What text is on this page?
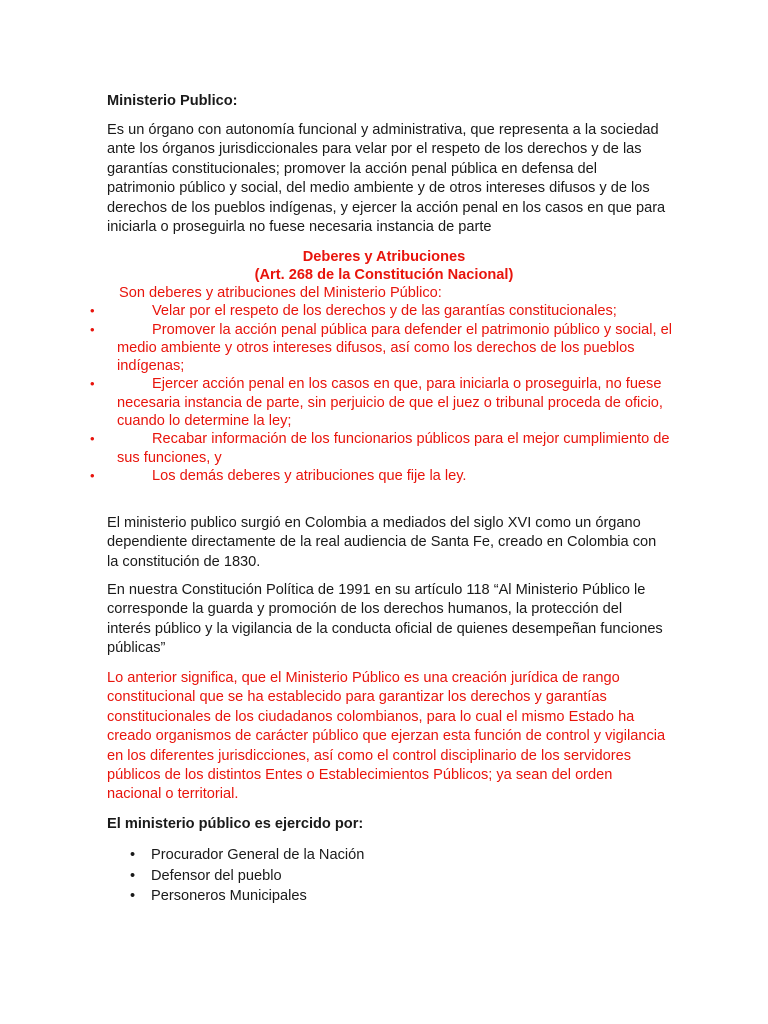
Ministerio Publico:
Es un órgano con autonomía funcional y administrativa, que representa a la sociedad ante los órganos jurisdiccionales para velar por el respeto de los derechos y de las garantías constitucionales; promover la acción penal pública en defensa del patrimonio público y social, del medio ambiente y de otros intereses difusos y de los derechos de los pueblos indígenas, y ejercer la acción penal en los casos en que para iniciarla o proseguirla no fuese necesaria instancia de parte
Deberes y Atribuciones
(Art. 268 de la Constitución Nacional)
Son deberes y atribuciones del Ministerio Público:
•	Velar por el respeto de los derechos y de las garantías constitucionales;
•	Promover la acción penal pública para defender el patrimonio público y social, el medio ambiente y otros intereses difusos, así como los derechos de los pueblos indígenas;
•	Ejercer acción penal en los casos en que, para iniciarla o proseguirla, no fuese necesaria instancia de parte, sin perjuicio de que el juez o tribunal proceda de oficio, cuando lo determine la ley;
•	Recabar información de los funcionarios públicos para el mejor cumplimiento de sus funciones, y
•	Los demás deberes y atribuciones que fije la ley.
El ministerio publico surgió en Colombia a mediados del siglo XVI como un órgano dependiente directamente de la real audiencia de Santa Fe, creado en Colombia con la constitución de 1830.
En nuestra Constitución Política de 1991 en su artículo 118 “Al Ministerio Público le corresponde la guarda y promoción de los derechos humanos, la protección del interés público y la vigilancia de la conducta oficial de quienes desempeñan funciones públicas”
Lo anterior significa, que el Ministerio Público es una creación jurídica de rango constitucional que se ha establecido para garantizar los derechos y garantías constitucionales de los ciudadanos colombianos, para lo cual el mismo Estado ha creado organismos de carácter público que ejerzan esta función de control y vigilancia en los diferentes jurisdicciones, así como el control disciplinario de los servidores públicos de los distintos Entes o Establecimientos Públicos; ya sean del orden nacional o territorial.
El ministerio público es ejercido por:
• Procurador General de la Nación
• Defensor del pueblo
• Personeros Municipales
